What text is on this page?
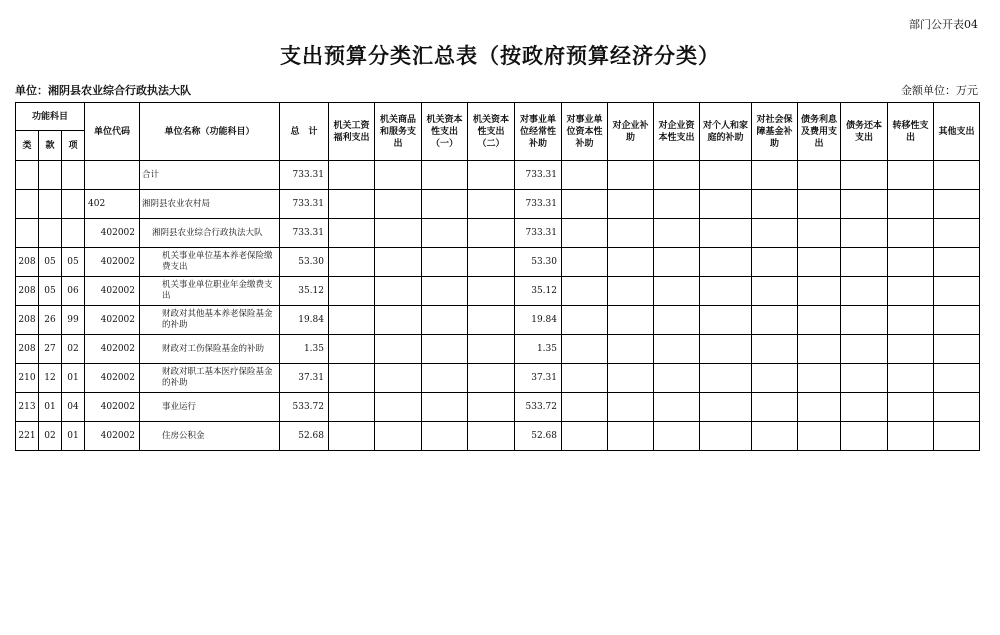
部门公开表04
支出预算分类汇总表（按政府预算经济分类）
单位：湘阴县农业综合行政执法大队	金额单位：万元
功能科目			单位代码	单位名称（功能科目）	总　计	机关工资福利支出	机关商品和服务支出	机关资本性支出（一）	机关资本性支出（二）	对事业单位经常性补助	对事业单位资本性补助	对企业补助	对企业资本性支出	对个人和家庭的补助	对社会保障基金补助	债务利息及费用支出	债务还本支出	转移性支出	其他支出
类	款	项																	
				合计	733.31					733.31									
			402	湘阴县农业农村局	733.31					733.31									
			402002	湘阴县农业综合行政执法大队	733.31					733.31									
208	05	05	402002	机关事业单位基本养老保险缴费支出	53.30					53.30									
208	05	06	402002	机关事业单位职业年金缴费支出	35.12					35.12									
208	26	99	402002	财政对其他基本养老保险基金的补助	19.84					19.84									
208	27	02	402002	财政对工伤保险基金的补助	1.35					1.35									
210	12	01	402002	财政对职工基本医疗保险基金的补助	37.31					37.31									
213	01	04	402002	事业运行	533.72					533.72									
221	02	01	402002	住房公积金	52.68					52.68									
